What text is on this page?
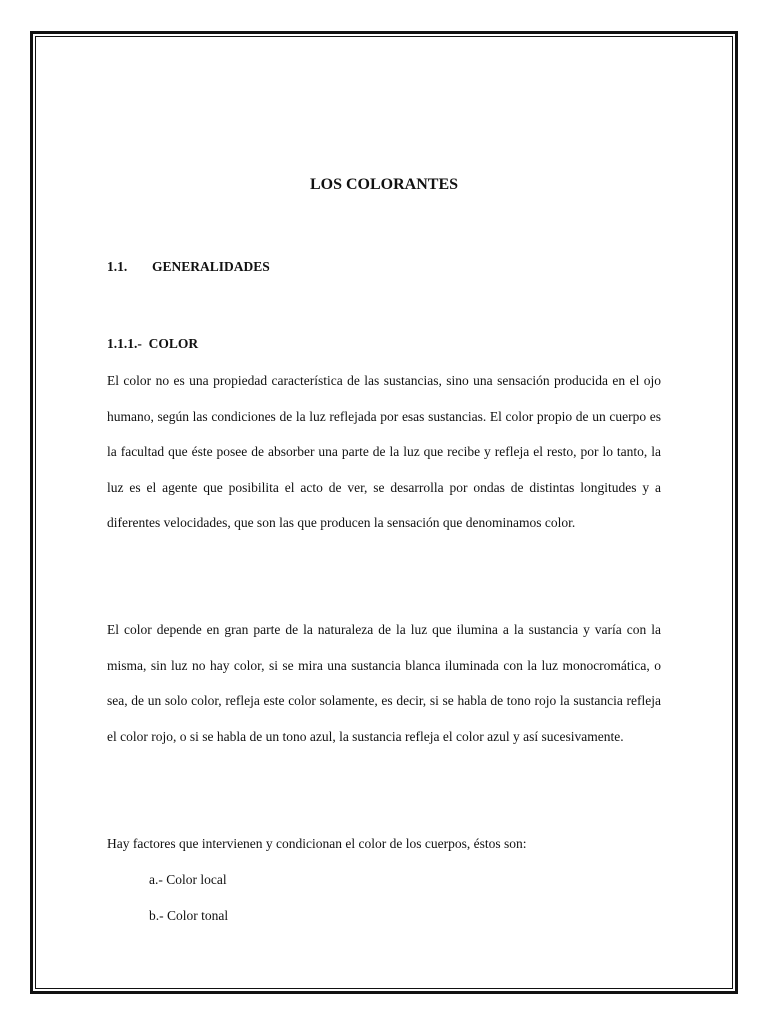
LOS COLORANTES
1.1. GENERALIDADES
1.1.1.-  COLOR

El color no es una propiedad característica de las sustancias, sino una sensación producida en el ojo humano, según las condiciones de la luz reflejada por esas sustancias. El color propio de un cuerpo es la facultad que éste posee de absorber una parte de la luz que recibe y refleja el resto, por lo tanto, la luz es el agente que posibilita el acto de ver, se desarrolla por ondas de distintas longitudes y a diferentes velocidades, que son las que producen la sensación que denominamos color.

El color depende en gran parte de la naturaleza de la luz que ilumina a la sustancia y varía con la misma, sin luz no hay color, si se mira una sustancia blanca iluminada con la luz monocromática, o sea, de un solo color, refleja este color solamente, es decir, si se habla de tono rojo la sustancia refleja el color rojo, o si se habla de un tono azul, la sustancia refleja el color azul y así sucesivamente.

Hay factores que intervienen y condicionan el color de los cuerpos, éstos son:

a.- Color local
b.- Color tonal
